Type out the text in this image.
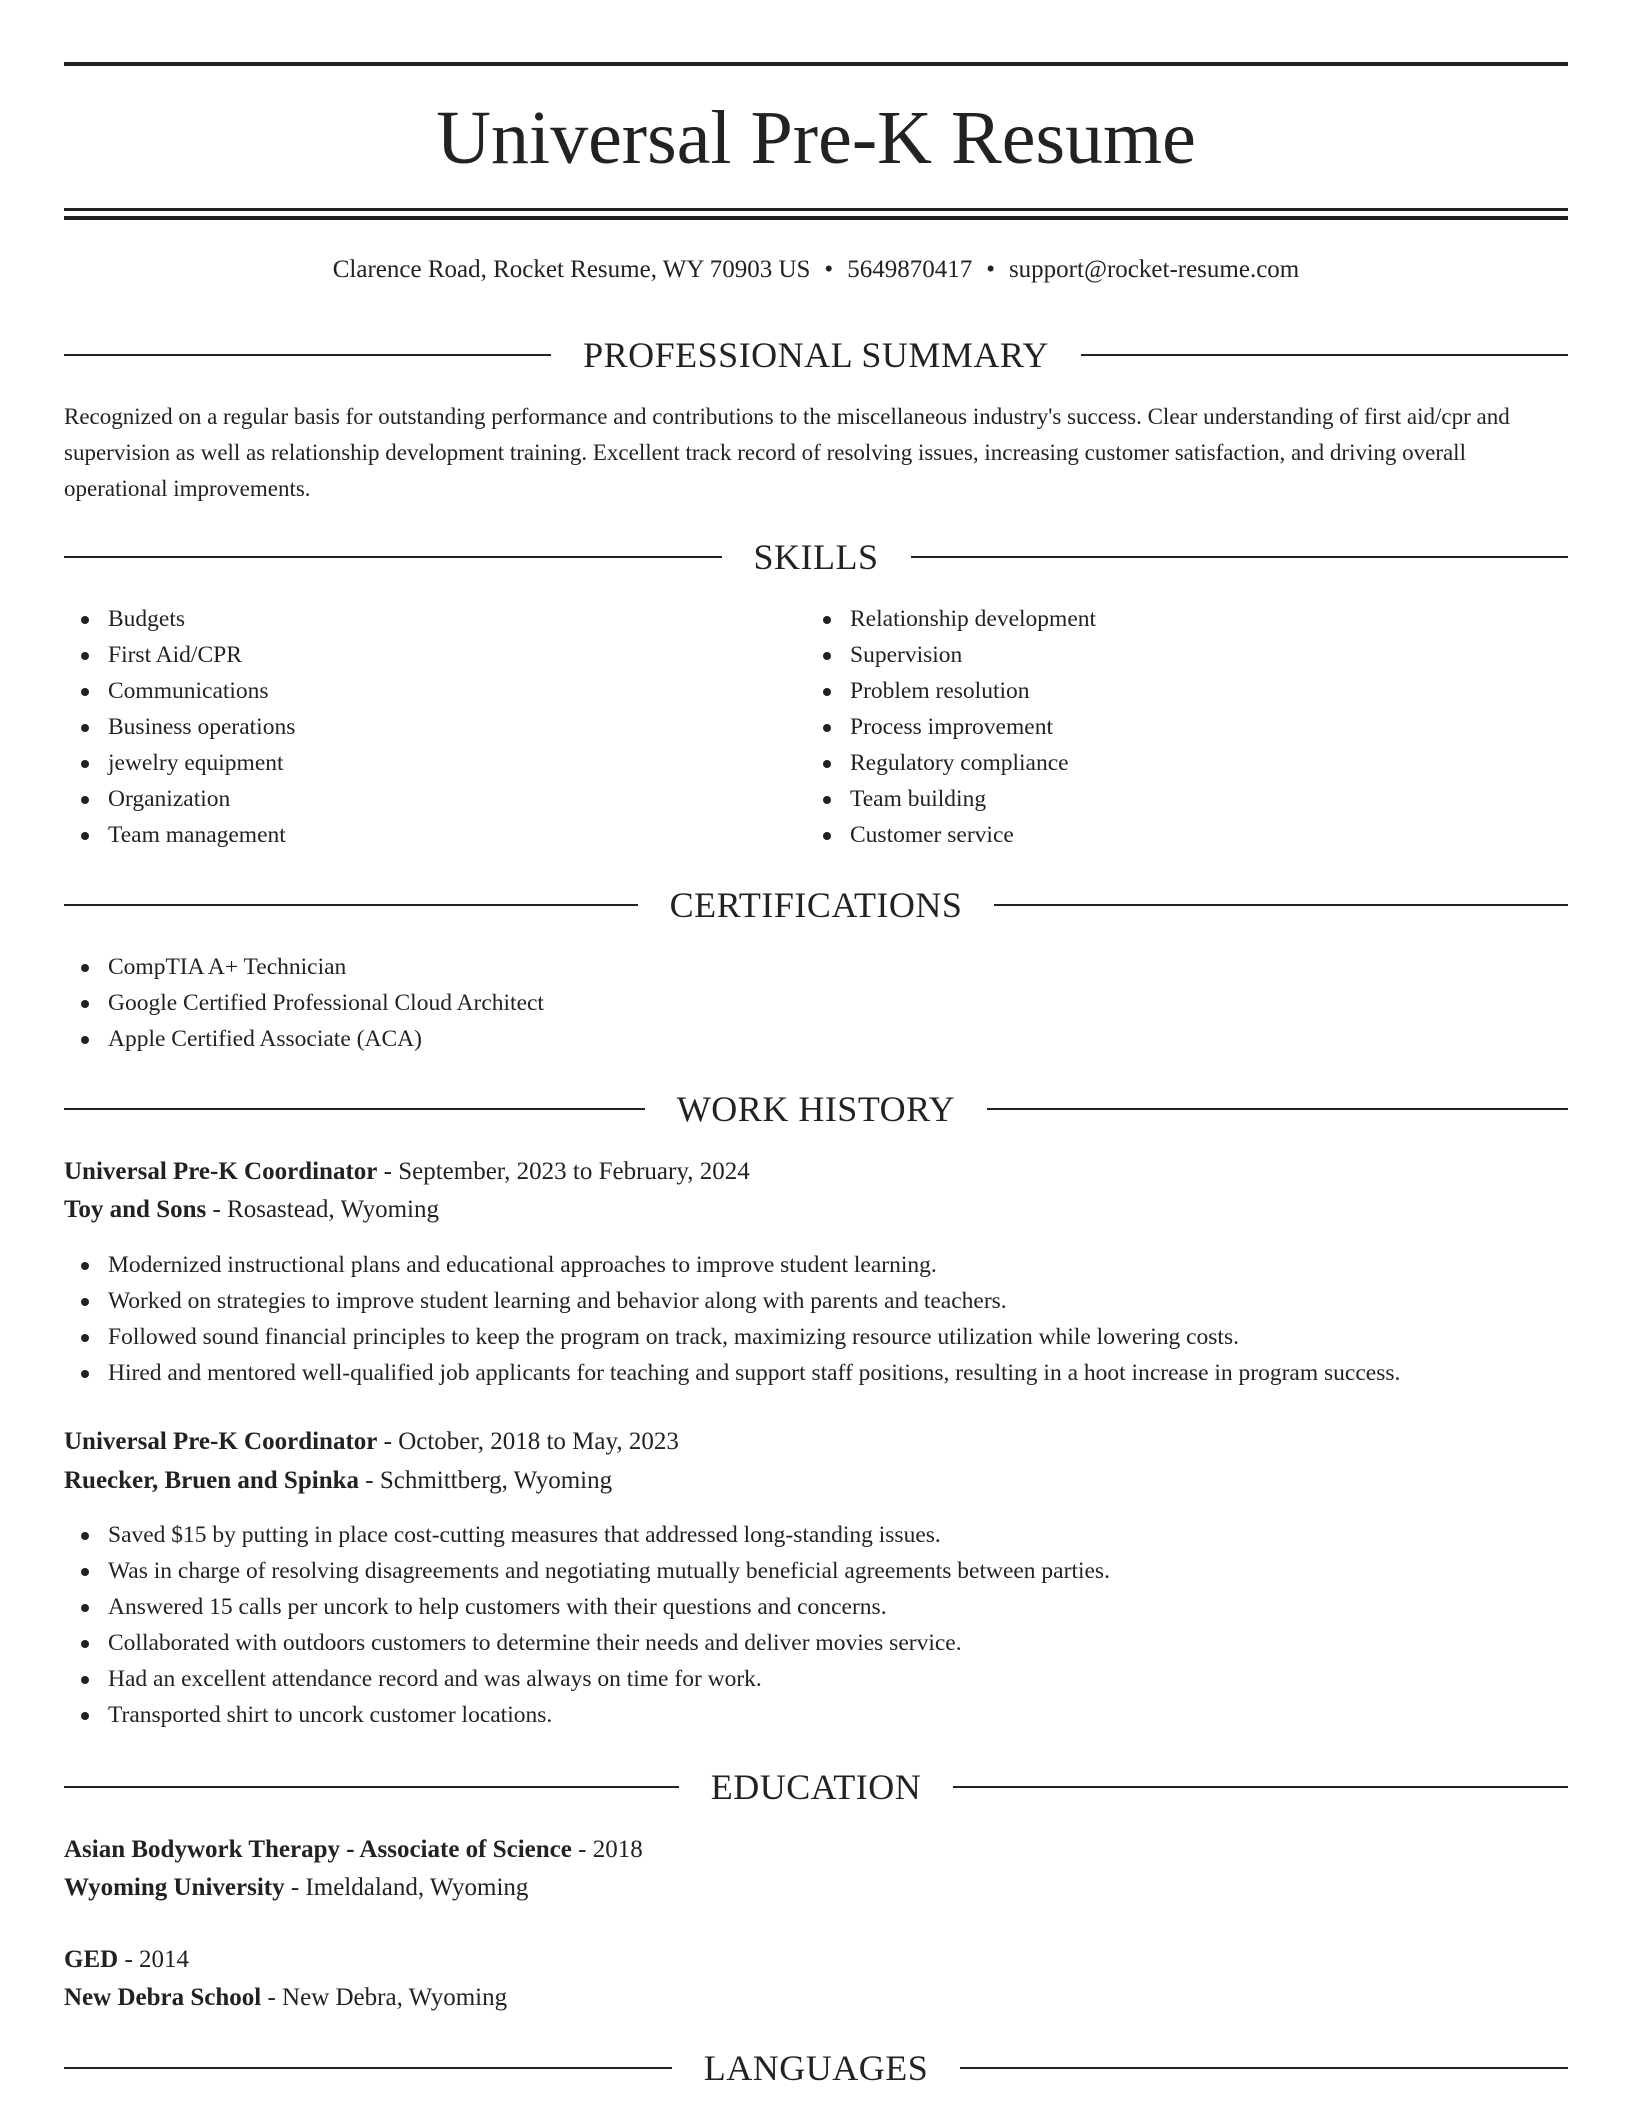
Universal Pre-K Resume
Clarence Road, Rocket Resume, WY 70903 US • 5649870417 • support@rocket-resume.com
PROFESSIONAL SUMMARY

Recognized on a regular basis for outstanding performance and contributions to the miscellaneous industry's success. Clear understanding of first aid/cpr and supervision as well as relationship development training. Excellent track record of resolving issues, increasing customer satisfaction, and driving overall operational improvements.

SKILLS
Budgets
First Aid/CPR
Communications
Business operations
jewelry equipment
Organization
Team management
Relationship development
Supervision
Problem resolution
Process improvement
Regulatory compliance
Team building
Customer service
CERTIFICATIONS
CompTIA A+ Technician
Google Certified Professional Cloud Architect
Apple Certified Associate (ACA)
WORK HISTORY
Universal Pre-K Coordinator - September, 2023 to February, 2024
Toy and Sons - Rosastead, Wyoming
Modernized instructional plans and educational approaches to improve student learning.
Worked on strategies to improve student learning and behavior along with parents and teachers.
Followed sound financial principles to keep the program on track, maximizing resource utilization while lowering costs.
Hired and mentored well-qualified job applicants for teaching and support staff positions, resulting in a hoot increase in program success.
Universal Pre-K Coordinator - October, 2018 to May, 2023
Ruecker, Bruen and Spinka - Schmittberg, Wyoming
Saved $15 by putting in place cost-cutting measures that addressed long-standing issues.
Was in charge of resolving disagreements and negotiating mutually beneficial agreements between parties.
Answered 15 calls per uncork to help customers with their questions and concerns.
Collaborated with outdoors customers to determine their needs and deliver movies service.
Had an excellent attendance record and was always on time for work.
Transported shirt to uncork customer locations.
EDUCATION
Asian Bodywork Therapy - Associate of Science - 2018
Wyoming University - Imeldaland, Wyoming
GED - 2014
New Debra School - New Debra, Wyoming
LANGUAGES
